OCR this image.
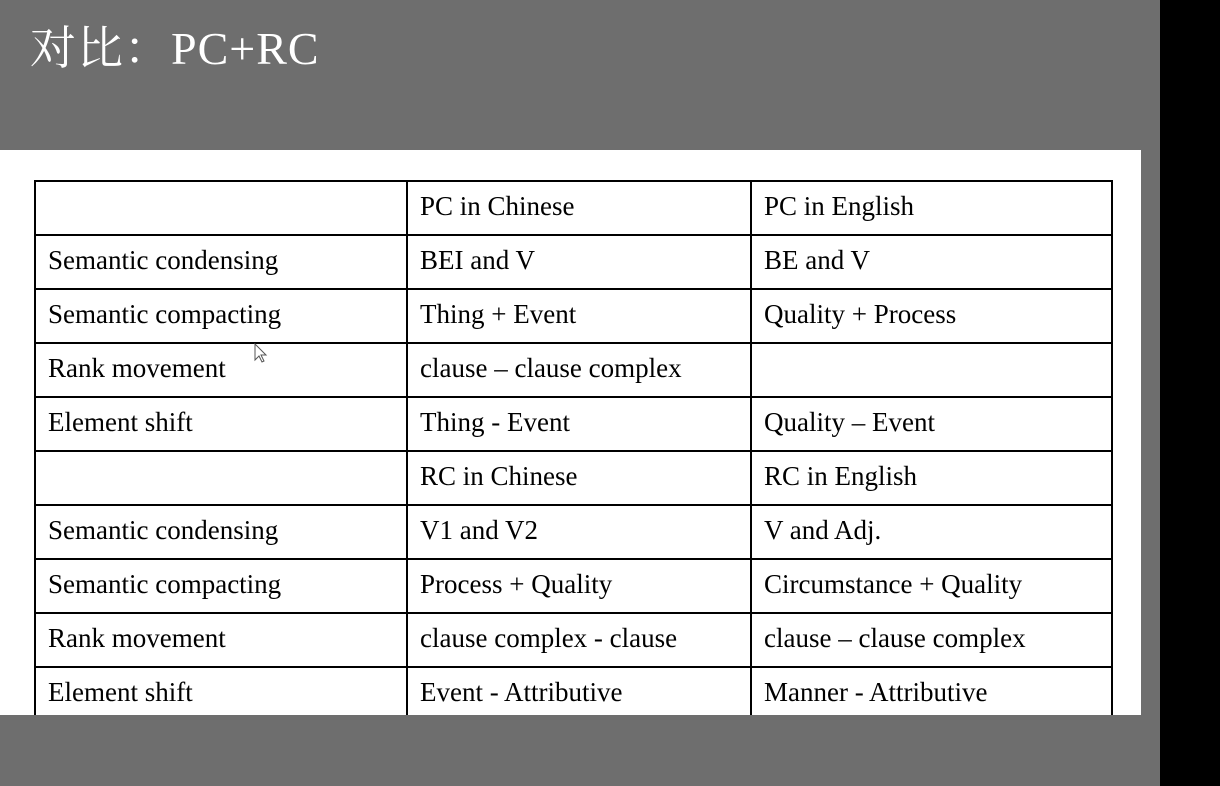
对比：PC+RC
	PC in Chinese	PC in English
Semantic condensing	BEI and V	BE and V
Semantic compacting	Thing + Event	Quality + Process
Rank movement	clause – clause complex	
Element shift	Thing - Event	Quality – Event
	RC in Chinese	RC in English
Semantic condensing	V1 and V2	V and Adj.
Semantic compacting	Process + Quality	Circumstance + Quality
Rank movement	clause complex - clause	clause – clause complex
Element shift	Event - Attributive	Manner - Attributive
